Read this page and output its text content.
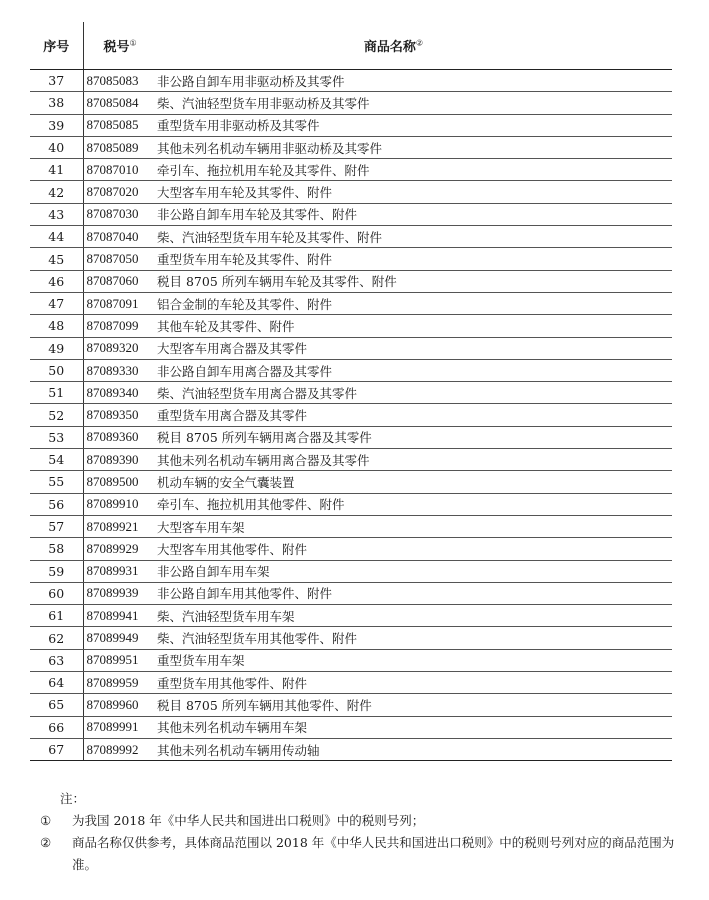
序号	税号①	商品名称②
37	87085083	非公路自卸车用非驱动桥及其零件
38	87085084	柴、汽油轻型货车用非驱动桥及其零件
39	87085085	重型货车用非驱动桥及其零件
40	87085089	其他未列名机动车辆用非驱动桥及其零件
41	87087010	牵引车、拖拉机用车轮及其零件、附件
42	87087020	大型客车用车轮及其零件、附件
43	87087030	非公路自卸车用车轮及其零件、附件
44	87087040	柴、汽油轻型货车用车轮及其零件、附件
45	87087050	重型货车用车轮及其零件、附件
46	87087060	税目 8705 所列车辆用车轮及其零件、附件
47	87087091	铝合金制的车轮及其零件、附件
48	87087099	其他车轮及其零件、附件
49	87089320	大型客车用离合器及其零件
50	87089330	非公路自卸车用离合器及其零件
51	87089340	柴、汽油轻型货车用离合器及其零件
52	87089350	重型货车用离合器及其零件
53	87089360	税目 8705 所列车辆用离合器及其零件
54	87089390	其他未列名机动车辆用离合器及其零件
55	87089500	机动车辆的安全气囊装置
56	87089910	牵引车、拖拉机用其他零件、附件
57	87089921	大型客车用车架
58	87089929	大型客车用其他零件、附件
59	87089931	非公路自卸车用车架
60	87089939	非公路自卸车用其他零件、附件
61	87089941	柴、汽油轻型货车用车架
62	87089949	柴、汽油轻型货车用其他零件、附件
63	87089951	重型货车用车架
64	87089959	重型货车用其他零件、附件
65	87089960	税目 8705 所列车辆用其他零件、附件
66	87089991	其他未列名机动车辆用车架
67	87089992	其他未列名机动车辆用传动轴
注：
①	为我国 2018 年《中华人民共和国进出口税则》中的税则号列；
②	商品名称仅供参考，具体商品范围以 2018 年《中华人民共和国进出口税则》中的税则号列对应的商品范围为准。
